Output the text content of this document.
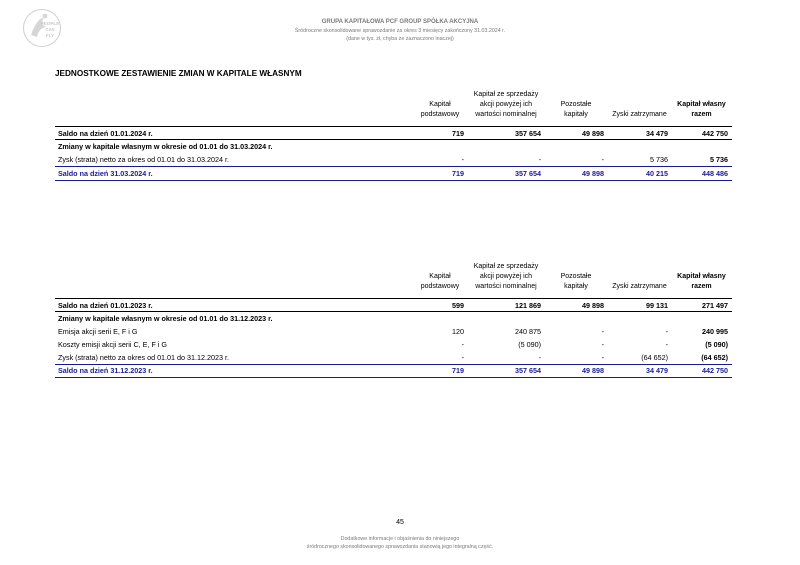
PEOPLE
CAN
FLY
GRUPA KAPITAŁOWA PCF GROUP SPÓŁKA AKCYJNA
Śródroczne skonsolidowane sprawozdanie za okres 3 miesięcy zakończony 31.03.2024 r.
(dane w tys. zł, chyba że zaznaczono inaczej)
JEDNOSTKOWE ZESTAWIENIE ZMIAN W KAPITALE WŁASNYM
	Kapitał podstawowy	Kapitał ze sprzedaży akcji powyżej ich wartości nominalnej	Pozostałe kapitały	Zyski zatrzymane	Kapitał własny razem
Saldo na dzień 01.01.2024 r.	719	357 654	49 898	34 479	442 750
Zmiany w kapitale własnym w okresie od 01.01 do 31.03.2024 r.					
Zysk (strata) netto za okres od 01.01 do 31.03.2024 r.	-	-	-	5 736	5 736
Saldo na dzień 31.03.2024 r.	719	357 654	49 898	40 215	448 486
	Kapitał podstawowy	Kapitał ze sprzedaży akcji powyżej ich wartości nominalnej	Pozostałe kapitały	Zyski zatrzymane	Kapitał własny razem
Saldo na dzień 01.01.2023 r.	599	121 869	49 898	99 131	271 497
Zmiany w kapitale własnym w okresie od 01.01 do 31.12.2023 r.					
Emisja akcji serii E, F i G	120	240 875	-	-	240 995
Koszty emisji akcji serii C, E, F i G	-	(5 090)	-	-	(5 090)
Zysk (strata) netto za okres od 01.01 do 31.12.2023 r.	-	-	-	(64 652)	(64 652)
Saldo na dzień 31.12.2023 r.	719	357 654	49 898	34 479	442 750
45
Dodatkowe informacje i objaśnienia do niniejszego
śródrocznego skonsolidowanego sprawozdania stanowią jego integralną część.
